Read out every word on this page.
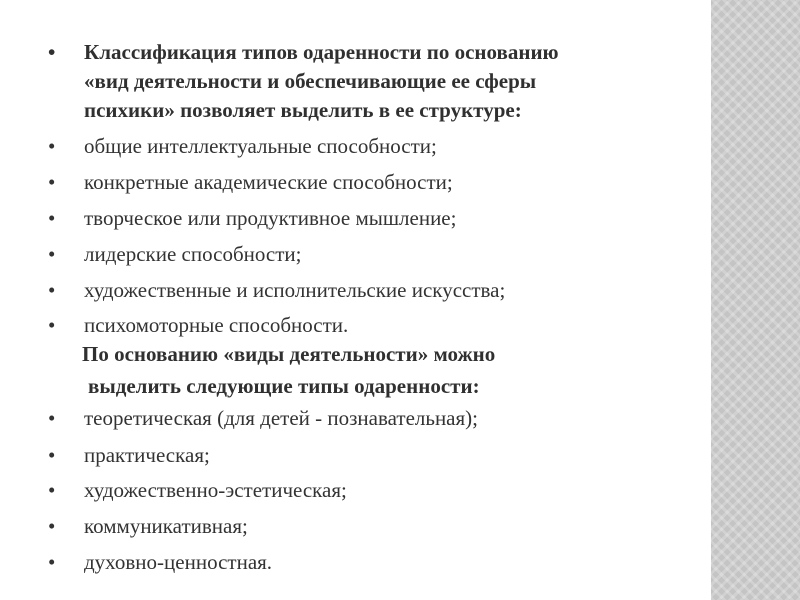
•	Классификация типов одаренности по основанию
«вид деятельности и обеспечивающие ее сферы
психики» позволяет выделить в ее структуре:
•	общие интеллектуальные способности;
•	конкретные академические способности;
•	творческое или продуктивное мышление;
•	лидерские способности;
•	художественные и исполнительские искусства;
•	психомоторные способности.
По основанию «виды деятельности» можно
выделить следующие типы одаренности:
•	теоретическая (для детей - познавательная);
•	практическая;
•	художественно-эстетическая;
•	коммуникативная;
•	духовно-ценностная.
